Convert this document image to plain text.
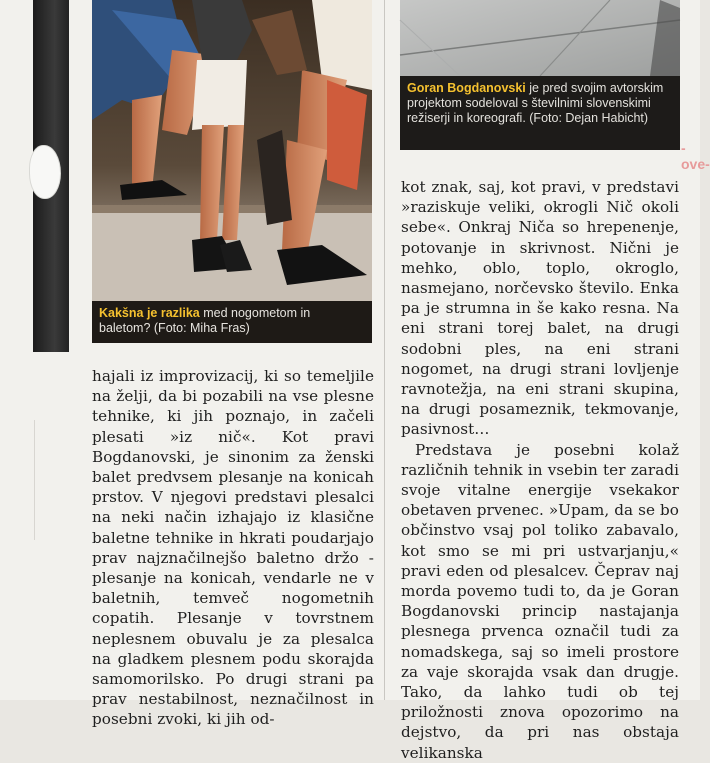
Kakšna je razlika med nogometom in baletom? (Foto: Miha Fras)
Goran Bogdanovski je pred svojim avtorskim projektom sodeloval s številnimi slovenskimi režiserji in koreografi. (Foto: Dejan Habicht)
-ove-

hajali iz improvizacij, ki so temeljile na želji, da bi pozabili na vse plesne tehnike, ki jih poznajo, in začeli plesati »iz nič«. Kot pravi Bogdanovski, je sinonim za ženski balet predvsem plesanje na konicah prstov. V njegovi predstavi plesalci na neki način izhajajo iz klasične baletne tehnike in hkrati poudarjajo prav najznačilnejšo baletno držo - plesanje na konicah, vendarle ne v baletnih, temveč nogometnih copatih. Plesanje v tovrstnem neplesnem obuvalu je za plesalca na gladkem plesnem podu skorajda samomorilsko. Po drugi strani pa prav nestabilnost, neznačilnost in posebni zvoki, ki jih od-

kot znak, saj, kot pravi, v predstavi »raziskuje veliki, okrogli Nič okoli sebe«. Onkraj Niča so hrepenenje, potovanje in skrivnost. Nični je mehko, oblo, toplo, okroglo, nasmejano, norčevsko število. Enka pa je strumna in še kako resna. Na eni strani torej balet, na drugi sodobni ples, na eni strani nogomet, na drugi strani lovljenje ravnotežja, na eni strani skupina, na drugi posameznik, tekmovanje, pasivnost…

Predstava je posebni kolaž različnih tehnik in vsebin ter zaradi svoje vitalne energije vsekakor obetaven prvenec. »Upam, da se bo občinstvo vsaj pol toliko zabavalo, kot smo se mi pri ustvarjanju,« pravi eden od plesalcev. Čeprav naj morda povemo tudi to, da je Goran Bogdanovski princip nastajanja plesnega prvenca označil tudi za nomadskega, saj so imeli prostore za vaje skorajda vsak dan drugje. Tako, da lahko tudi ob tej priložnosti znova opozorimo na dejstvo, da pri nas obstaja velikanska
